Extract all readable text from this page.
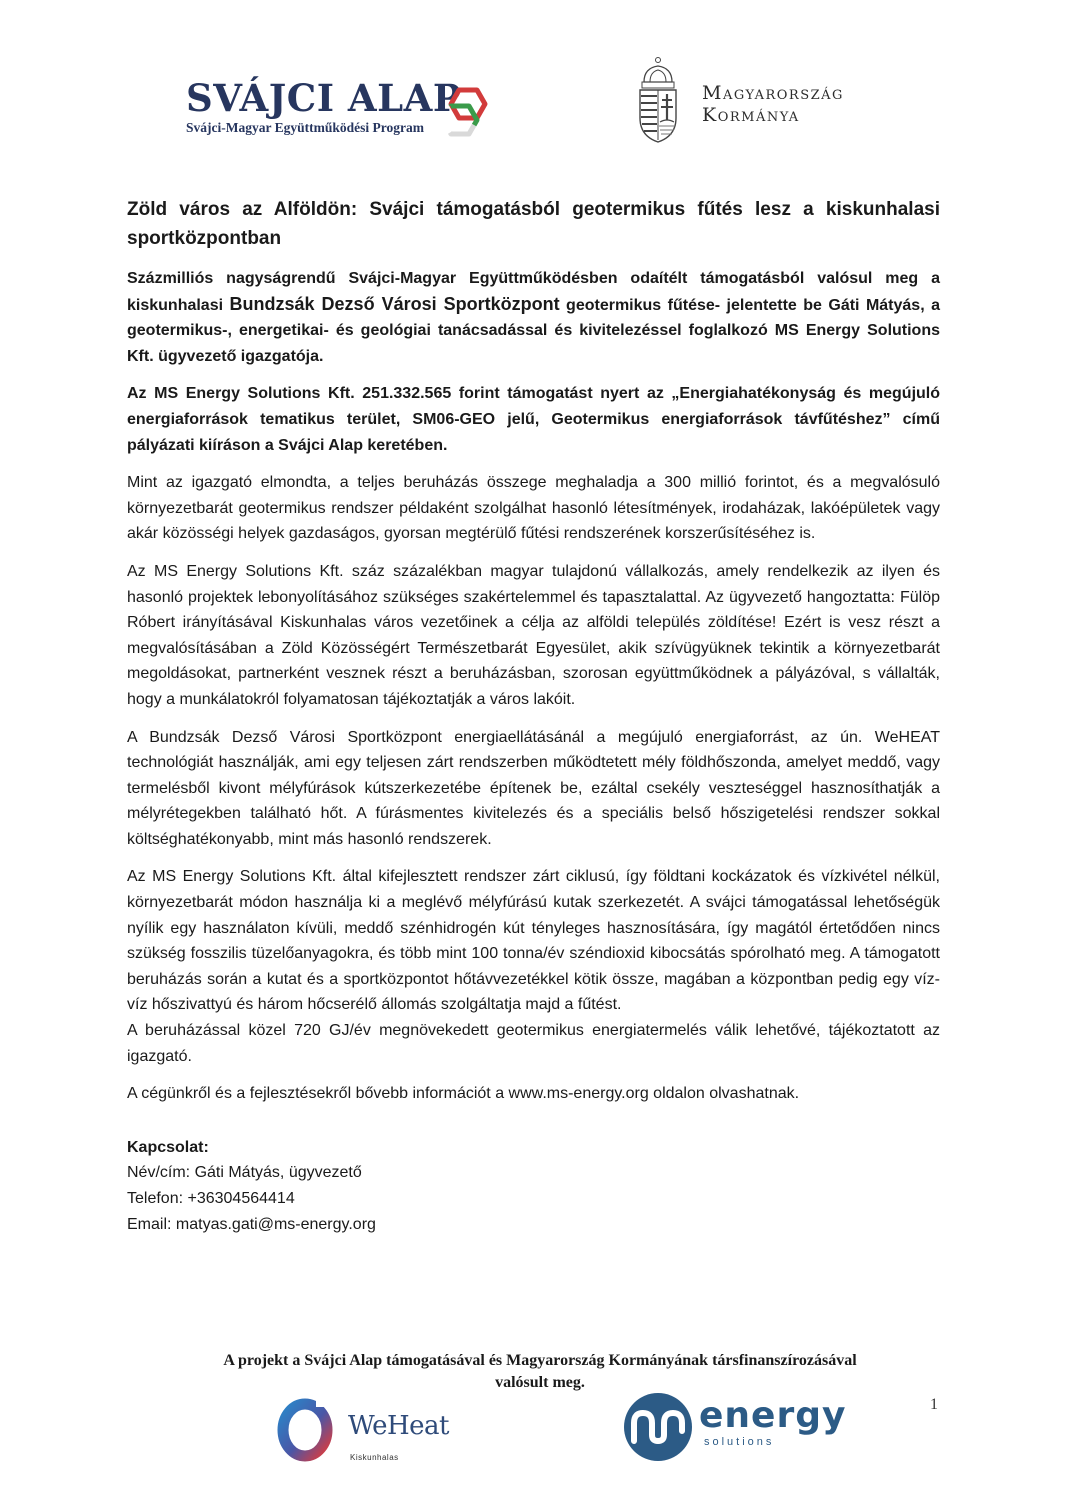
SVÁJCI ALAP
Svájci-Magyar Együttműködési Program
Magyarország
Kormánya
Zöld város az Alföldön: Svájci támogatásból geotermikus fűtés lesz a kiskunhalasi sportközpontban

Százmilliós nagyságrendű Svájci-Magyar Együttműködésben odaítélt támogatásból valósul meg a kiskunhalasi Bundzsák Dezső Városi Sportközpont geotermikus fűtése- jelentette be Gáti Mátyás, a geotermikus-, energetikai- és geológiai tanácsadással és kivitelezéssel foglalkozó MS Energy Solutions Kft. ügyvezető igazgatója.

Az MS Energy Solutions Kft. 251.332.565 forint támogatást nyert az „Energiahatékonyság és megújuló energiaforrások tematikus terület, SM06-GEO jelű, Geotermikus energiaforrások távfűtéshez” című pályázati kiíráson a Svájci Alap keretében.

Mint az igazgató elmondta, a teljes beruházás összege meghaladja a 300 millió forintot, és a megvalósuló környezetbarát geotermikus rendszer példaként szolgálhat hasonló létesítmények, irodaházak, lakóépületek vagy akár közösségi helyek gazdaságos, gyorsan megtérülő fűtési rendszerének korszerűsítéséhez is.

Az MS Energy Solutions Kft. száz százalékban magyar tulajdonú vállalkozás, amely rendelkezik az ilyen és hasonló projektek lebonyolításához szükséges szakértelemmel és tapasztalattal. Az ügyvezető hangoztatta: Fülöp Róbert irányításával Kiskunhalas város vezetőinek a célja az alföldi település zöldítése! Ezért is vesz részt a megvalósításában a Zöld Közösségért Természetbarát Egyesület, akik szívügyüknek tekintik a környezetbarát megoldásokat, partnerként vesznek részt a beruházásban, szorosan együttműködnek a pályázóval, s vállalták, hogy a munkálatokról folyamatosan tájékoztatják a város lakóit.

A Bundzsák Dezső Városi Sportközpont energiaellátásánál a megújuló energiaforrást, az ún. WeHEAT technológiát használják, ami egy teljesen zárt rendszerben működtetett mély földhőszonda, amelyet meddő, vagy termelésből kivont mélyfúrások kútszerkezetébe építenek be, ezáltal csekély veszteséggel hasznosíthatják a mélyrétegekben található hőt. A fúrásmentes kivitelezés és a speciális belső hőszigetelési rendszer sokkal költséghatékonyabb, mint más hasonló rendszerek.

Az MS Energy Solutions Kft. által kifejlesztett rendszer zárt ciklusú, így földtani kockázatok és vízkivétel nélkül, környezetbarát módon használja ki a meglévő mélyfúrású kutak szerkezetét. A svájci támogatással lehetőségük nyílik egy használaton kívüli, meddő szénhidrogén kút tényleges hasznosítására, így magától értetődően nincs szükség fosszilis tüzelőanyagokra, és több mint 100 tonna/év széndioxid kibocsátás spórolható meg. A támogatott beruházás során a kutat és a sportközpontot hőtávvezetékkel kötik össze, magában a központban pedig egy víz-víz hőszivattyú és három hőcserélő állomás szolgáltatja majd a fűtést.

A beruházással közel 720 GJ/év megnövekedett geotermikus energiatermelés válik lehetővé, tájékoztatott az igazgató.

A cégünkről és a fejlesztésekről bővebb információt a www.ms-energy.org oldalon olvashatnak.

Kapcsolat:

Név/cím: Gáti Mátyás, ügyvezető

Telefon: +36304564414

Email: matyas.gati@ms-energy.org

A projekt a Svájci Alap támogatásával és Magyarország Kormányának társfinanszírozásával
valósult meg.
WeHeat
Kiskunhalas
energy
solutions
1
